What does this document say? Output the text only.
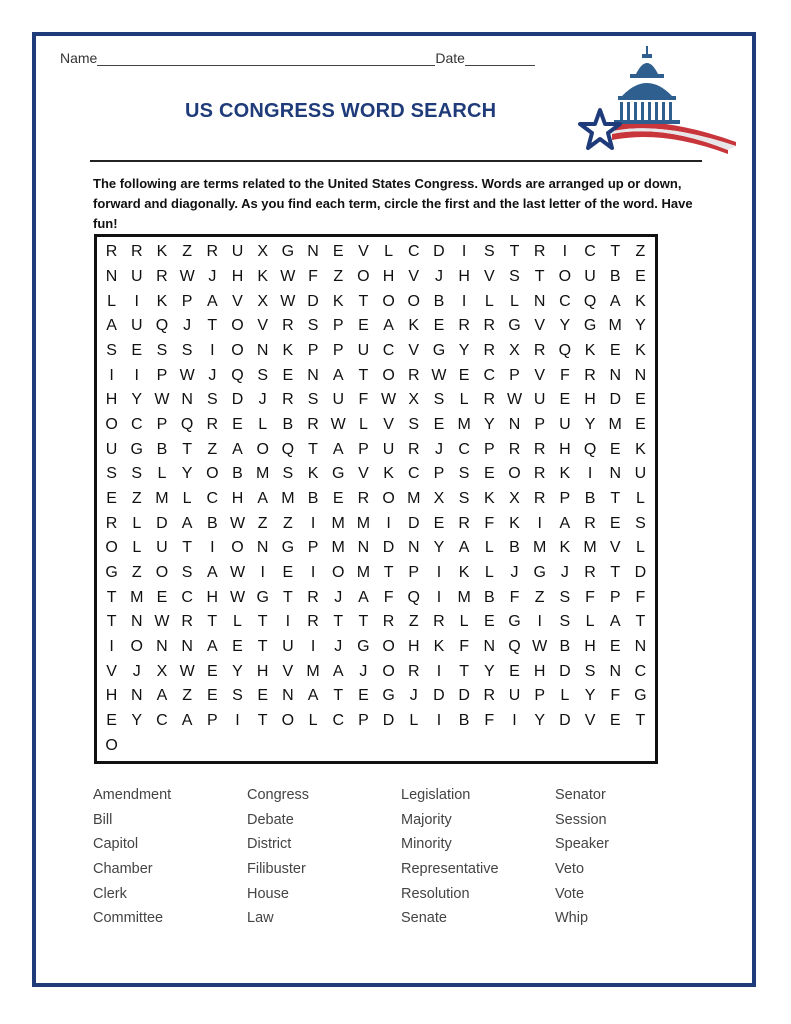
Name	Date
US CONGRESS WORD SEARCH
The following are terms related to the United States Congress. Words are arranged up or down, forward and diagonally. As you find each term, circle the first and the last letter of the word. Have fun!
R R K Z R U X G N E V L C D	I	S T R	I	C T Z
N U R W J H K W F Z O H V J H V S T O U B E
L	I	K P A V X W D K T O O B	I	L	L N C Q A K
A U Q J	T O V R S P E A K E R R G V Y G M Y
S E S S	I	O N K P P U C V G Y R X R Q K E K
I	I	P W J Q S E N A T O R W E C P V F R N N
H Y W N S D J R S U F W X S L R W U E H D E
O C P Q R E L B R W L V S E M Y N P U Y M E
U G B T Z A O Q T A P U R J C P R R H Q E K
S S L Y O B M S K G V K C P S E O R K	I	N U
E Z M L C H A M B E R O M X S K X R P B T L
R L D A B W Z Z	I	M M	I	D E R F K	I	A R E S
O L U T	I	O N G P M N D N Y A L B M K M V L
G Z O S A W I	E	I	O M T P	I	K L	J G J R T D
T M E C H W G T R J A F Q	I	M B F Z S F P F
T N W R T L T	I	R T T R Z R L E G	I	S L A T
I	O N N A E T U	I	J G O H K F N Q W B H E N
V J X W E Y H V M A J O R	I	T Y E H D S N C
H N A Z E S E N A T E G J D D R U P L Y F G
E Y C A P	I	T O L C P D L	I	B F	I	Y D V E T
O
Amendment
Bill
Capitol
Chamber
Clerk
Committee
Congress
Debate
District
Filibuster
House
Law
Legislation
Majority
Minority
Representative
Resolution
Senate
Senator
Session
Speaker
Veto
Vote
Whip
